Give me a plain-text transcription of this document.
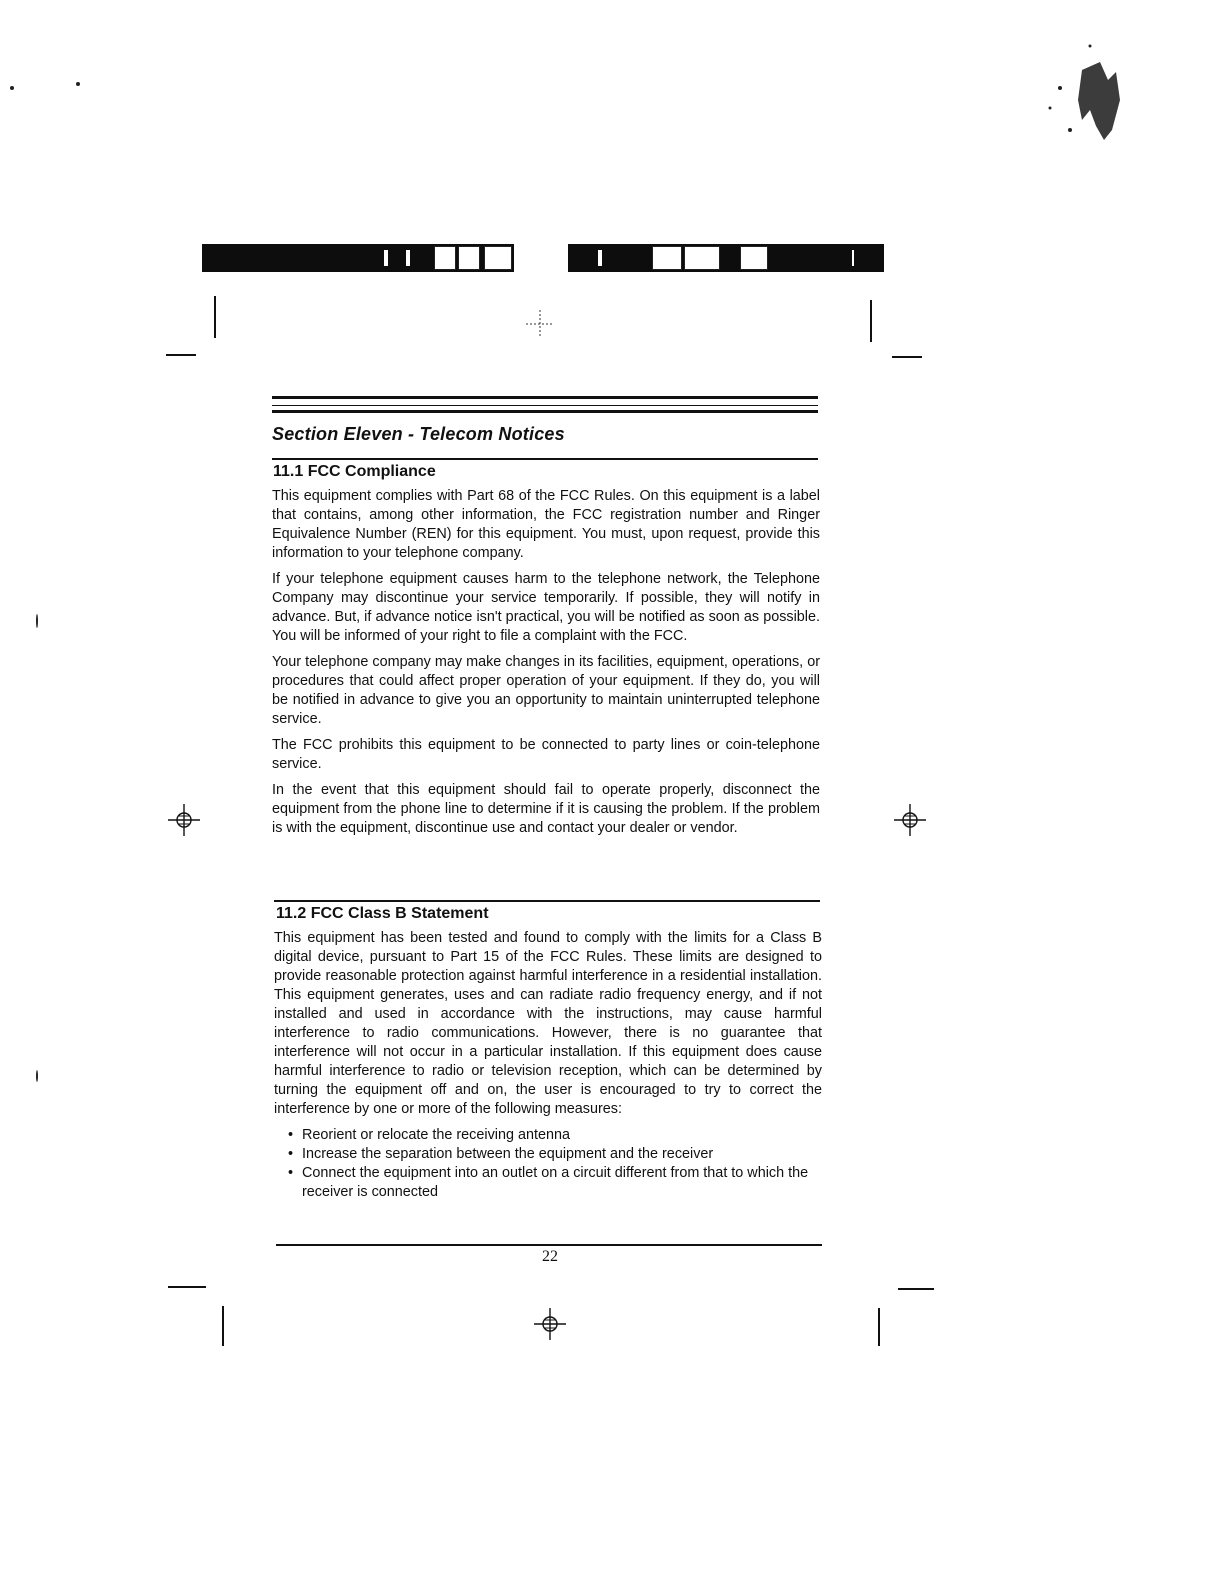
Section Eleven - Telecom Notices
11.1 FCC Compliance

This equipment complies with Part 68 of the FCC Rules. On this equipment is a label that contains, among other information, the FCC registration number and Ringer Equivalence Number (REN) for this equipment. You must, upon request, provide this information to your telephone company.

If your telephone equipment causes harm to the telephone network, the Telephone Company may discontinue your service temporarily. If possible, they will notify in advance. But, if advance notice isn't practical, you will be notified as soon as possible. You will be informed of your right to file a complaint with the FCC.

Your telephone company may make changes in its facilities, equipment, operations, or procedures that could affect proper operation of your equipment. If they do, you will be notified in advance to give you an opportunity to maintain uninterrupted telephone service.

The FCC prohibits this equipment to be connected to party lines or coin-telephone service.

In the event that this equipment should fail to operate properly, disconnect the equipment from the phone line to determine if it is causing the problem. If the problem is with the equipment, discontinue use and contact your dealer or vendor.

11.2 FCC Class B Statement

This equipment has been tested and found to comply with the limits for a Class B digital device, pursuant to Part 15 of the FCC Rules. These limits are designed to provide reasonable protection against harmful interference in a residential installation. This equipment generates, uses and can radiate radio frequency energy, and if not installed and used in accordance with the instructions, may cause harmful interference to radio communications. However, there is no guarantee that interference will not occur in a particular installation. If this equipment does cause harmful interference to radio or television reception, which can be determined by turning the equipment off and on, the user is encouraged to try to correct the interference by one or more of the following measures:

• Reorient or relocate the receiving antenna
• Increase the separation between the equipment and the receiver
• Connect the equipment into an outlet on a circuit different from that to which the receiver is connected
22
